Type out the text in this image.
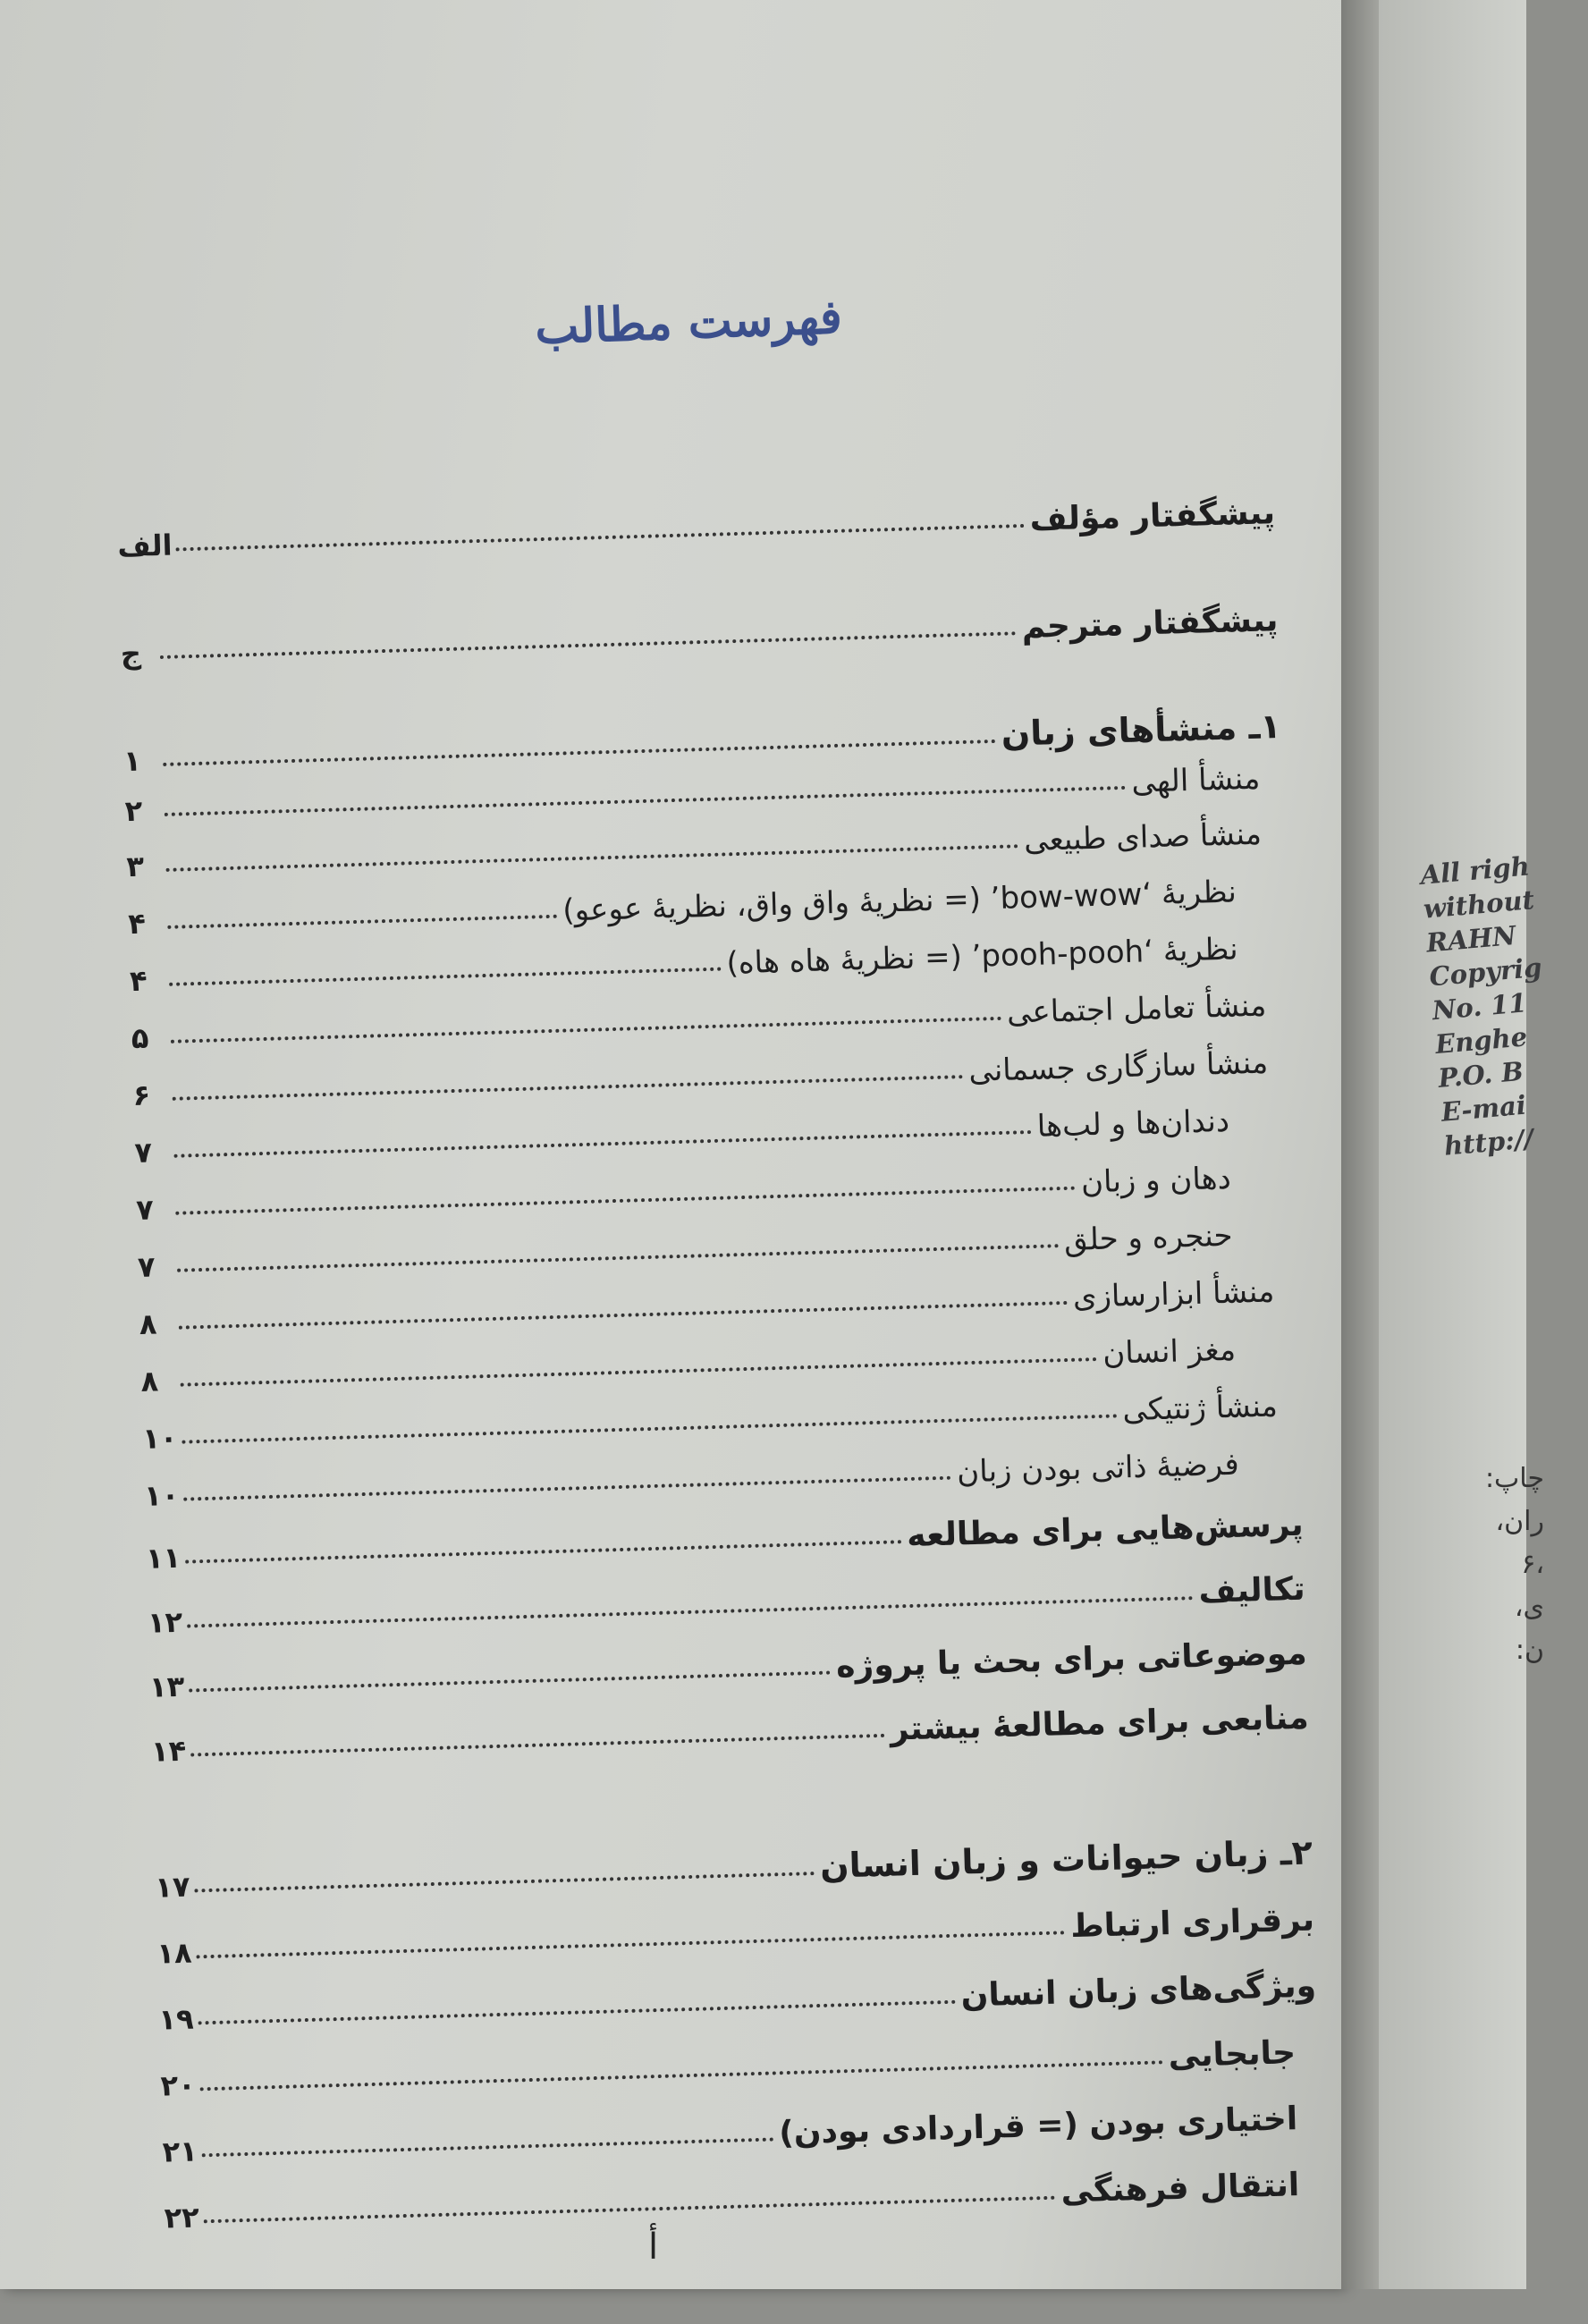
فهرست مطالب
پیشگفتار مؤلف
الف
پیشگفتار مترجم
ج
۱ـ منشأهای زبان
۱	منشأ الهی
۲
منشأ صدای طبیعی
۳
نظریهٔ ‘bow-wow’ (= نظریهٔ واق واق، نظریهٔ عوعو)
۴
نظریهٔ ‘pooh-pooh’ (= نظریهٔ هاه هاه)
۴
منشأ تعامل اجتماعی
۵
منشأ سازگاری جسمانی
۶
دندان‌ها و لب‌ها
۷
دهان و زبان
۷
حنجره و حلق
۷
منشأ ابزارسازی
۸
مغز انسان
۸
منشأ ژنتیکی
۱۰
فرضیهٔ ذاتی بودن زبان
۱۰
پرسش‌هایی برای مطالعه
۱۱
تکالیف
۱۲
موضوعاتی برای بحث یا پروژه
۱۳
منابعی برای مطالعهٔ بیشتر
۱۴
۲ـ زبان حیوانات و زبان انسان
۱۷
برقراری ارتباط
۱۸
ویژگی‌های زبان انسان
۱۹
جابجایی
۲۰
اختیاری بودن (= قراردادی بودن)
۲۱
انتقال فرهنگی
۲۲
أ
All righ
without
RAHN
Copyrig
No. 11
Enghe
P.O. B
E-mai
http://
چاپ:
ران،
،۶
ی،
ن:
